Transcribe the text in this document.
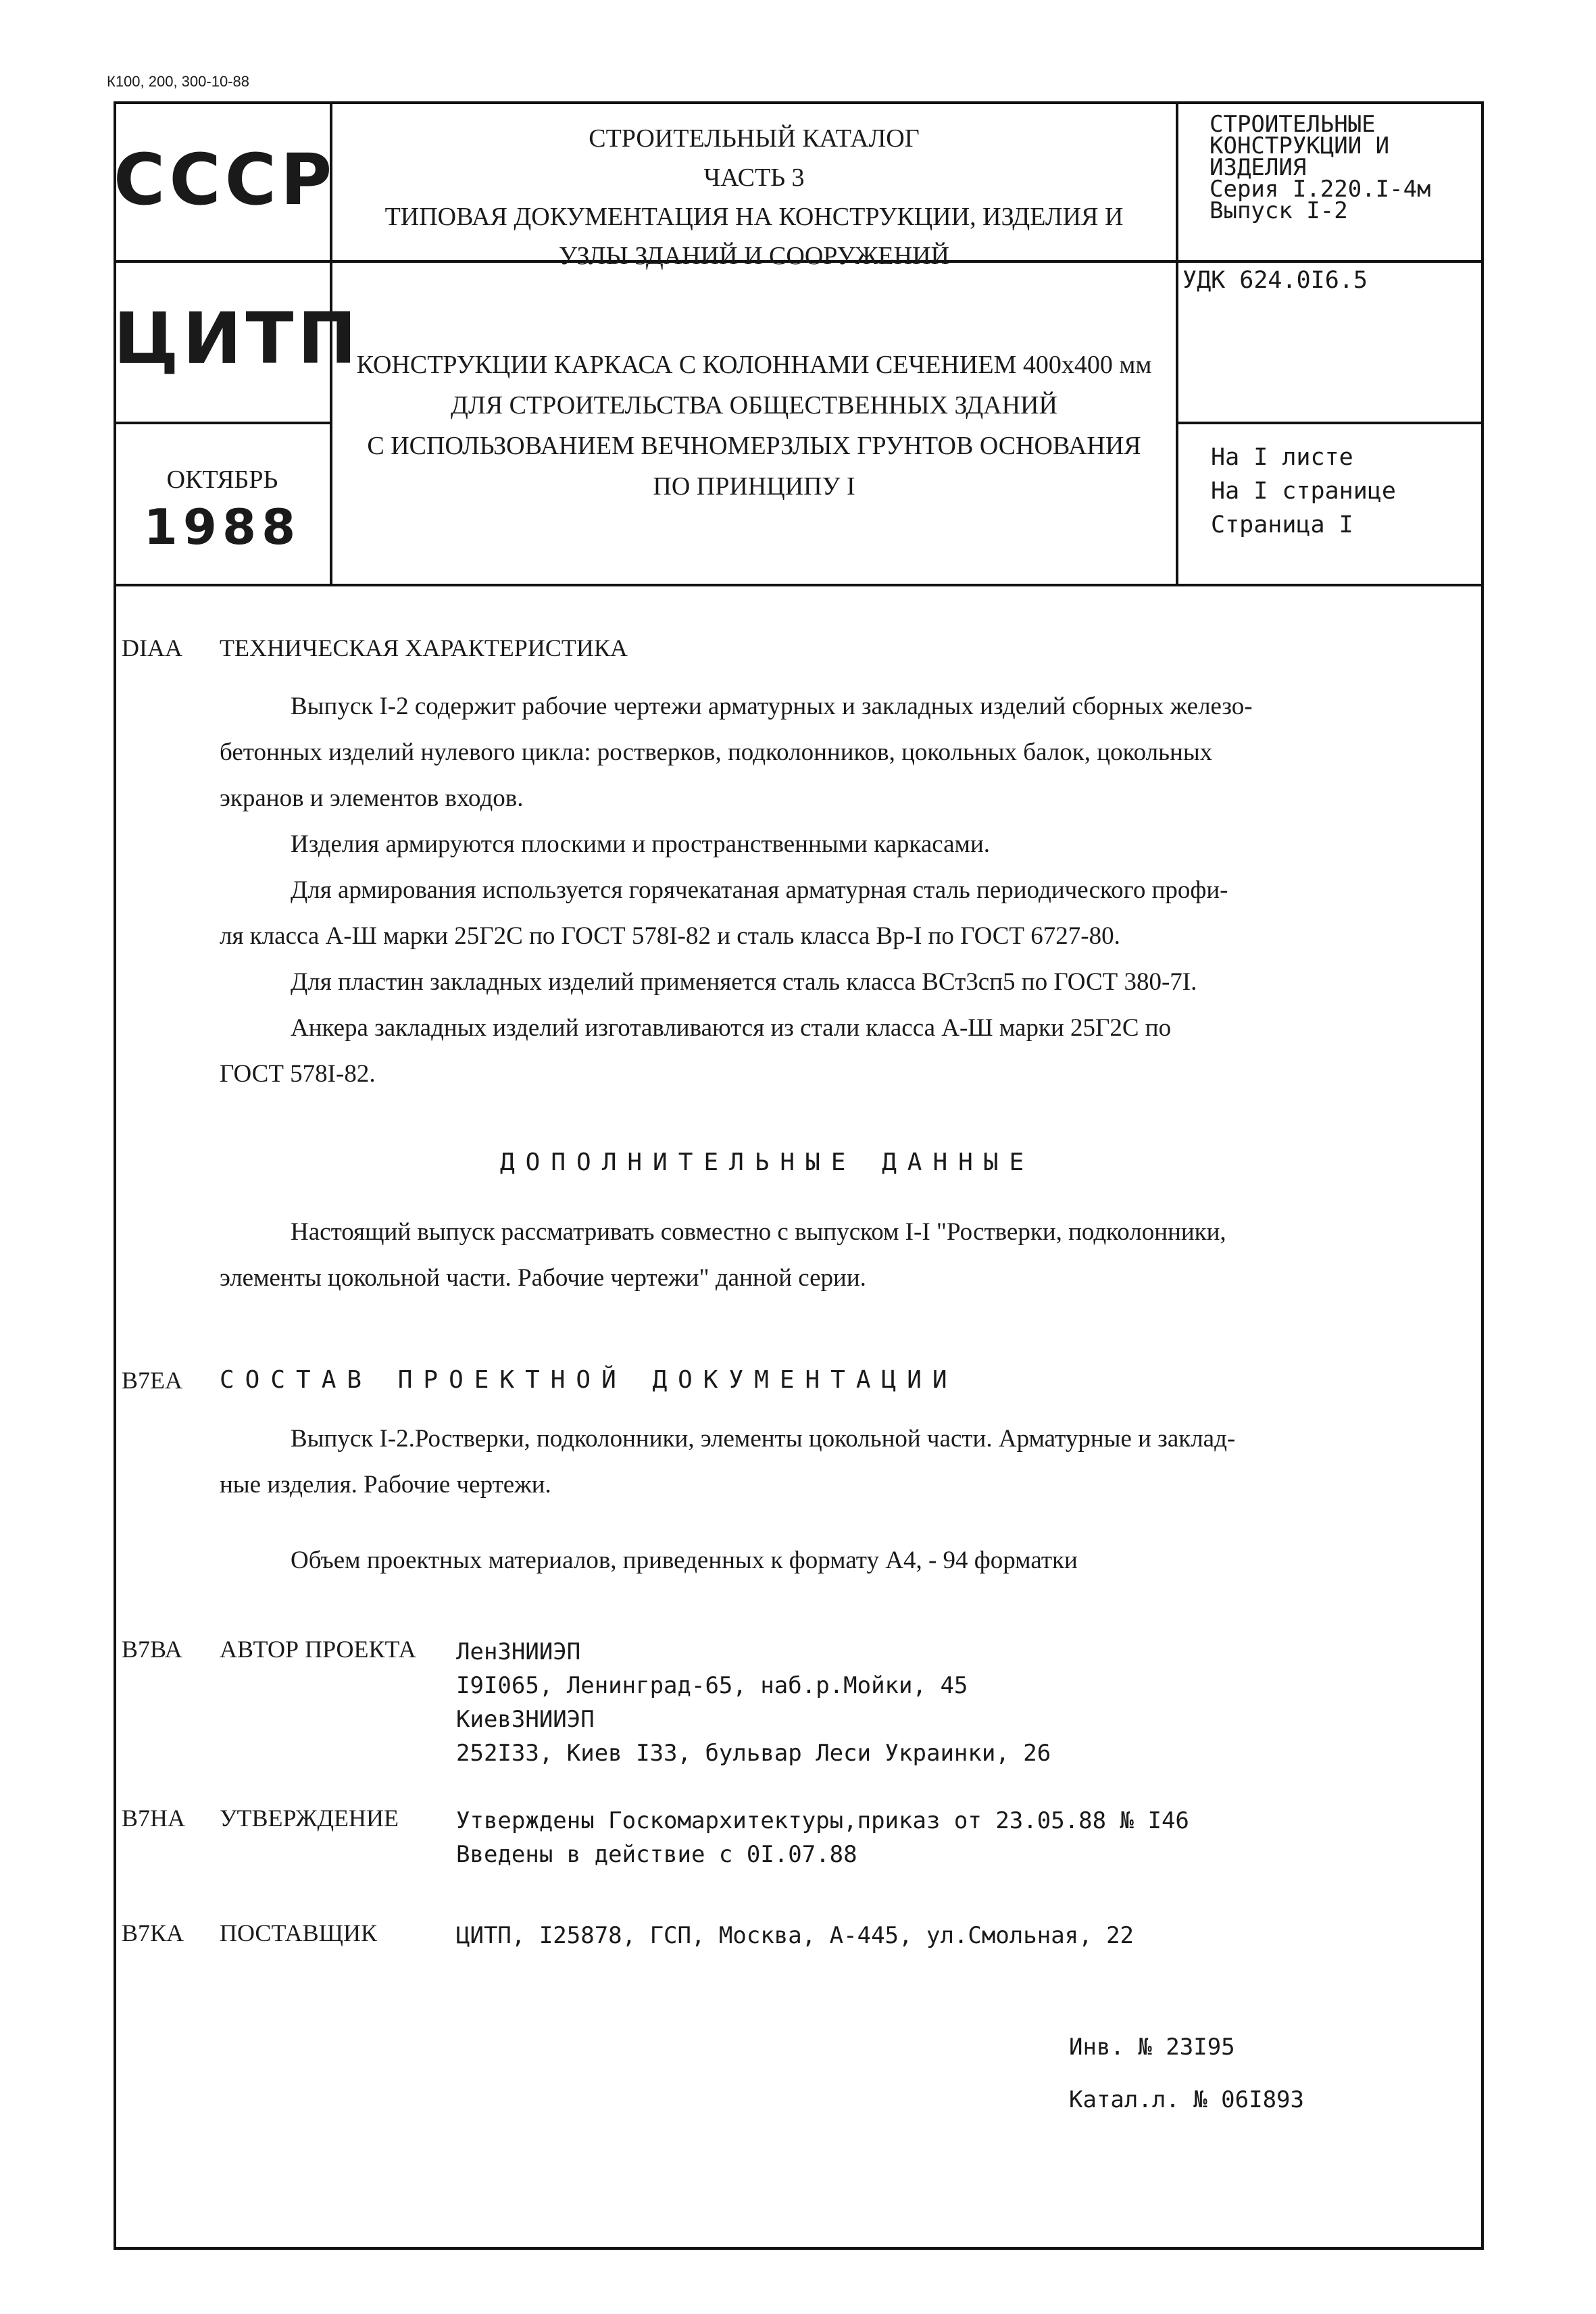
К100, 200, 300-10-88
СССР
ЦИТП
ОКТЯБРЬ
1988
СТРОИТЕЛЬНЫЙ КАТАЛОГ
ЧАСТЬ 3
ТИПОВАЯ ДОКУМЕНТАЦИЯ НА КОНСТРУКЦИИ, ИЗДЕЛИЯ И
УЗЛЫ ЗДАНИЙ И СООРУЖЕНИЙ
КОНСТРУКЦИИ КАРКАСА С КОЛОННАМИ СЕЧЕНИЕМ 400х400 мм
ДЛЯ СТРОИТЕЛЬСТВА ОБЩЕСТВЕННЫХ ЗДАНИЙ
С ИСПОЛЬЗОВАНИЕМ ВЕЧНОМЕРЗЛЫХ ГРУНТОВ ОСНОВАНИЯ
ПО ПРИНЦИПУ I
СТРОИТЕЛЬНЫЕ
КОНСТРУКЦИИ И
ИЗДЕЛИЯ
Серия I.220.I-4м
Выпуск I-2
УДК 624.0I6.5
На I листе
На I странице
Страница I
DIAA ТЕХНИЧЕСКАЯ ХАРАКТЕРИСТИКА
Выпуск I-2 содержит рабочие чертежи арматурных и закладных изделий сборных железо-
бетонных изделий нулевого цикла: ростверков, подколонников, цокольных балок, цокольных
экранов и элементов входов.
Изделия армируются плоскими и пространственными каркасами.
Для армирования используется горячекатаная арматурная сталь периодического профи-
ля класса А-Ш марки 25Г2С по ГОСТ 578I-82 и сталь класса Вр-I по ГОСТ 6727-80.
Для пластин закладных изделий применяется сталь класса ВСт3сп5 по ГОСТ 380-7I.
Анкера закладных изделий изготавливаются из стали класса А-Ш марки 25Г2С по
ГОСТ 578I-82.
ДОПОЛНИТЕЛЬНЫЕ ДАННЫЕ
Настоящий выпуск рассматривать совместно с выпуском I-I "Ростверки, подколонники,
элементы цокольной части. Рабочие чертежи" данной серии.
В7ЕА СОСТАВ ПРОЕКТНОЙ ДОКУМЕНТАЦИИ
Выпуск I-2.Ростверки, подколонники, элементы цокольной части. Арматурные и заклад-
ные изделия. Рабочие чертежи.
Объем проектных материалов, приведенных к формату А4, - 94 форматки
В7ВА АВТОР ПРОЕКТА ЛенЗНИИЭП
I9I065, Ленинград-65, наб.р.Мойки, 45
КиевЗНИИЭП
252I33, Киев I33, бульвар Леси Украинки, 26
В7НА УТВЕРЖДЕНИЕ Утверждены Госкомархитектуры,приказ от 23.05.88 № I46
Введены в действие с 0I.07.88
В7КА ПОСТАВЩИК	ЦИТП, I25878, ГСП, Москва, А-445, ул.Смольная, 22
Инв. № 23I95
Катал.л. № 06I893
